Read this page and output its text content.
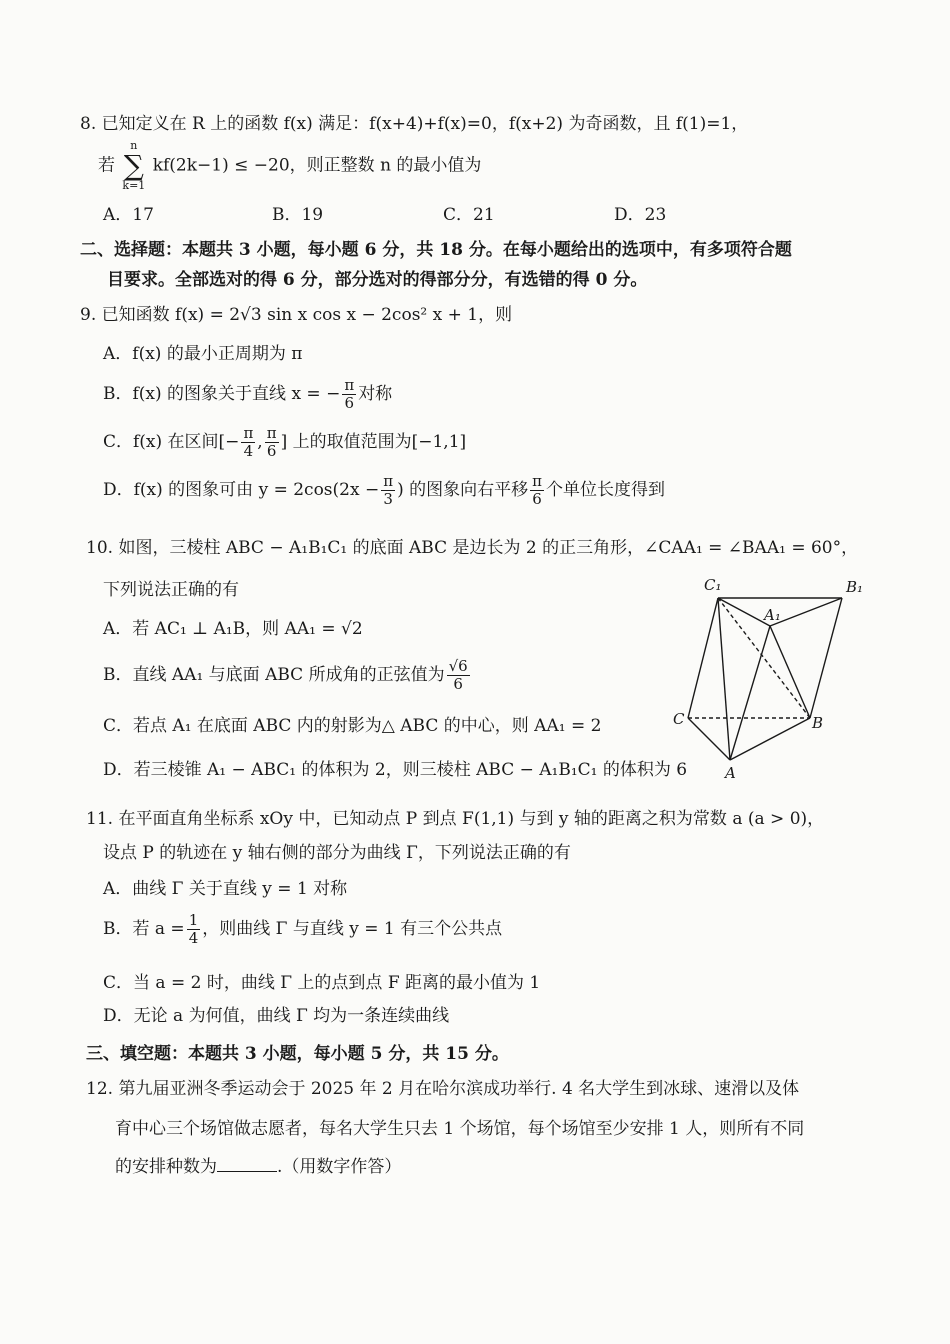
8. 已知定义在 R 上的函数 f(x) 满足：f(x+4)+f(x)=0，f(x+2) 为奇函数，且 f(1)=1，
若 n
∑
k=1 kf(2k−1) ≤ −20，则正整数 n 的最小值为
A．17	B．19	C．21	D．23
二、选择题：本题共 3 小题，每小题 6 分，共 18 分。在每小题给出的选项中，有多项符合题
目要求。全部选对的得 6 分，部分选对的得部分分，有选错的得 0 分。
9. 已知函数 f(x) = 2√3 sin x cos x − 2cos² x + 1，则
A．f(x) 的最小正周期为 π
B．f(x) 的图象关于直线 x = − $\frac{\pi}{6}$ 对称
C．f(x) 在区间[− $\frac{\pi}{4}$ , $\frac{\pi}{6}$ ] 上的取值范围为[−1,1]
D．f(x) 的图象可由 $y = 2\cos(2x - \frac{\pi}{3}$ ) 的图象向右平移 $\frac{\pi}{6}$ 个单位长度得到
10. 如图，三棱柱 ABC − A₁B₁C₁ 的底面 ABC 是边长为 2 的正三角形，∠CAA₁ = ∠BAA₁ = 60°，
下列说法正确的有
A．若 AC₁ ⊥ A₁B，则 AA₁ = √2
B．直线 AA₁ 与底面 ABC 所成角的正弦值为 $\frac{√6}{6}$
C．若点 A₁ 在底面 ABC 内的射影为△ ABC 的中心，则 AA₁ = 2
D．若三棱锥 A₁ − ABC₁ 的体积为 2，则三棱柱 ABC − A₁B₁C₁ 的体积为 6
C₁	B₁
A₁
C	B
A
11. 在平面直角坐标系 xOy 中，已知动点 P 到点 F(1,1) 与到 y 轴的距离之积为常数 a (a > 0)，
设点 P 的轨迹在 y 轴右侧的部分为曲线 Γ，下列说法正确的有
A．曲线 Γ 关于直线 y = 1 对称
B．若 $a = \frac{1}{4}$ ，则曲线 Γ 与直线 y = 1 有三个公共点
C．当 a = 2 时，曲线 Γ 上的点到点 F 距离的最小值为 1
D．无论 a 为何值，曲线 Γ 均为一条连续曲线
三、填空题：本题共 3 小题，每小题 5 分，共 15 分。
12. 第九届亚洲冬季运动会于 2025 年 2 月在哈尔滨成功举行. 4 名大学生到冰球、速滑以及体
育中心三个场馆做志愿者，每名大学生只去 1 个场馆，每个场馆至少安排 1 人，则所有不同
的安排种数为	.（用数字作答）
